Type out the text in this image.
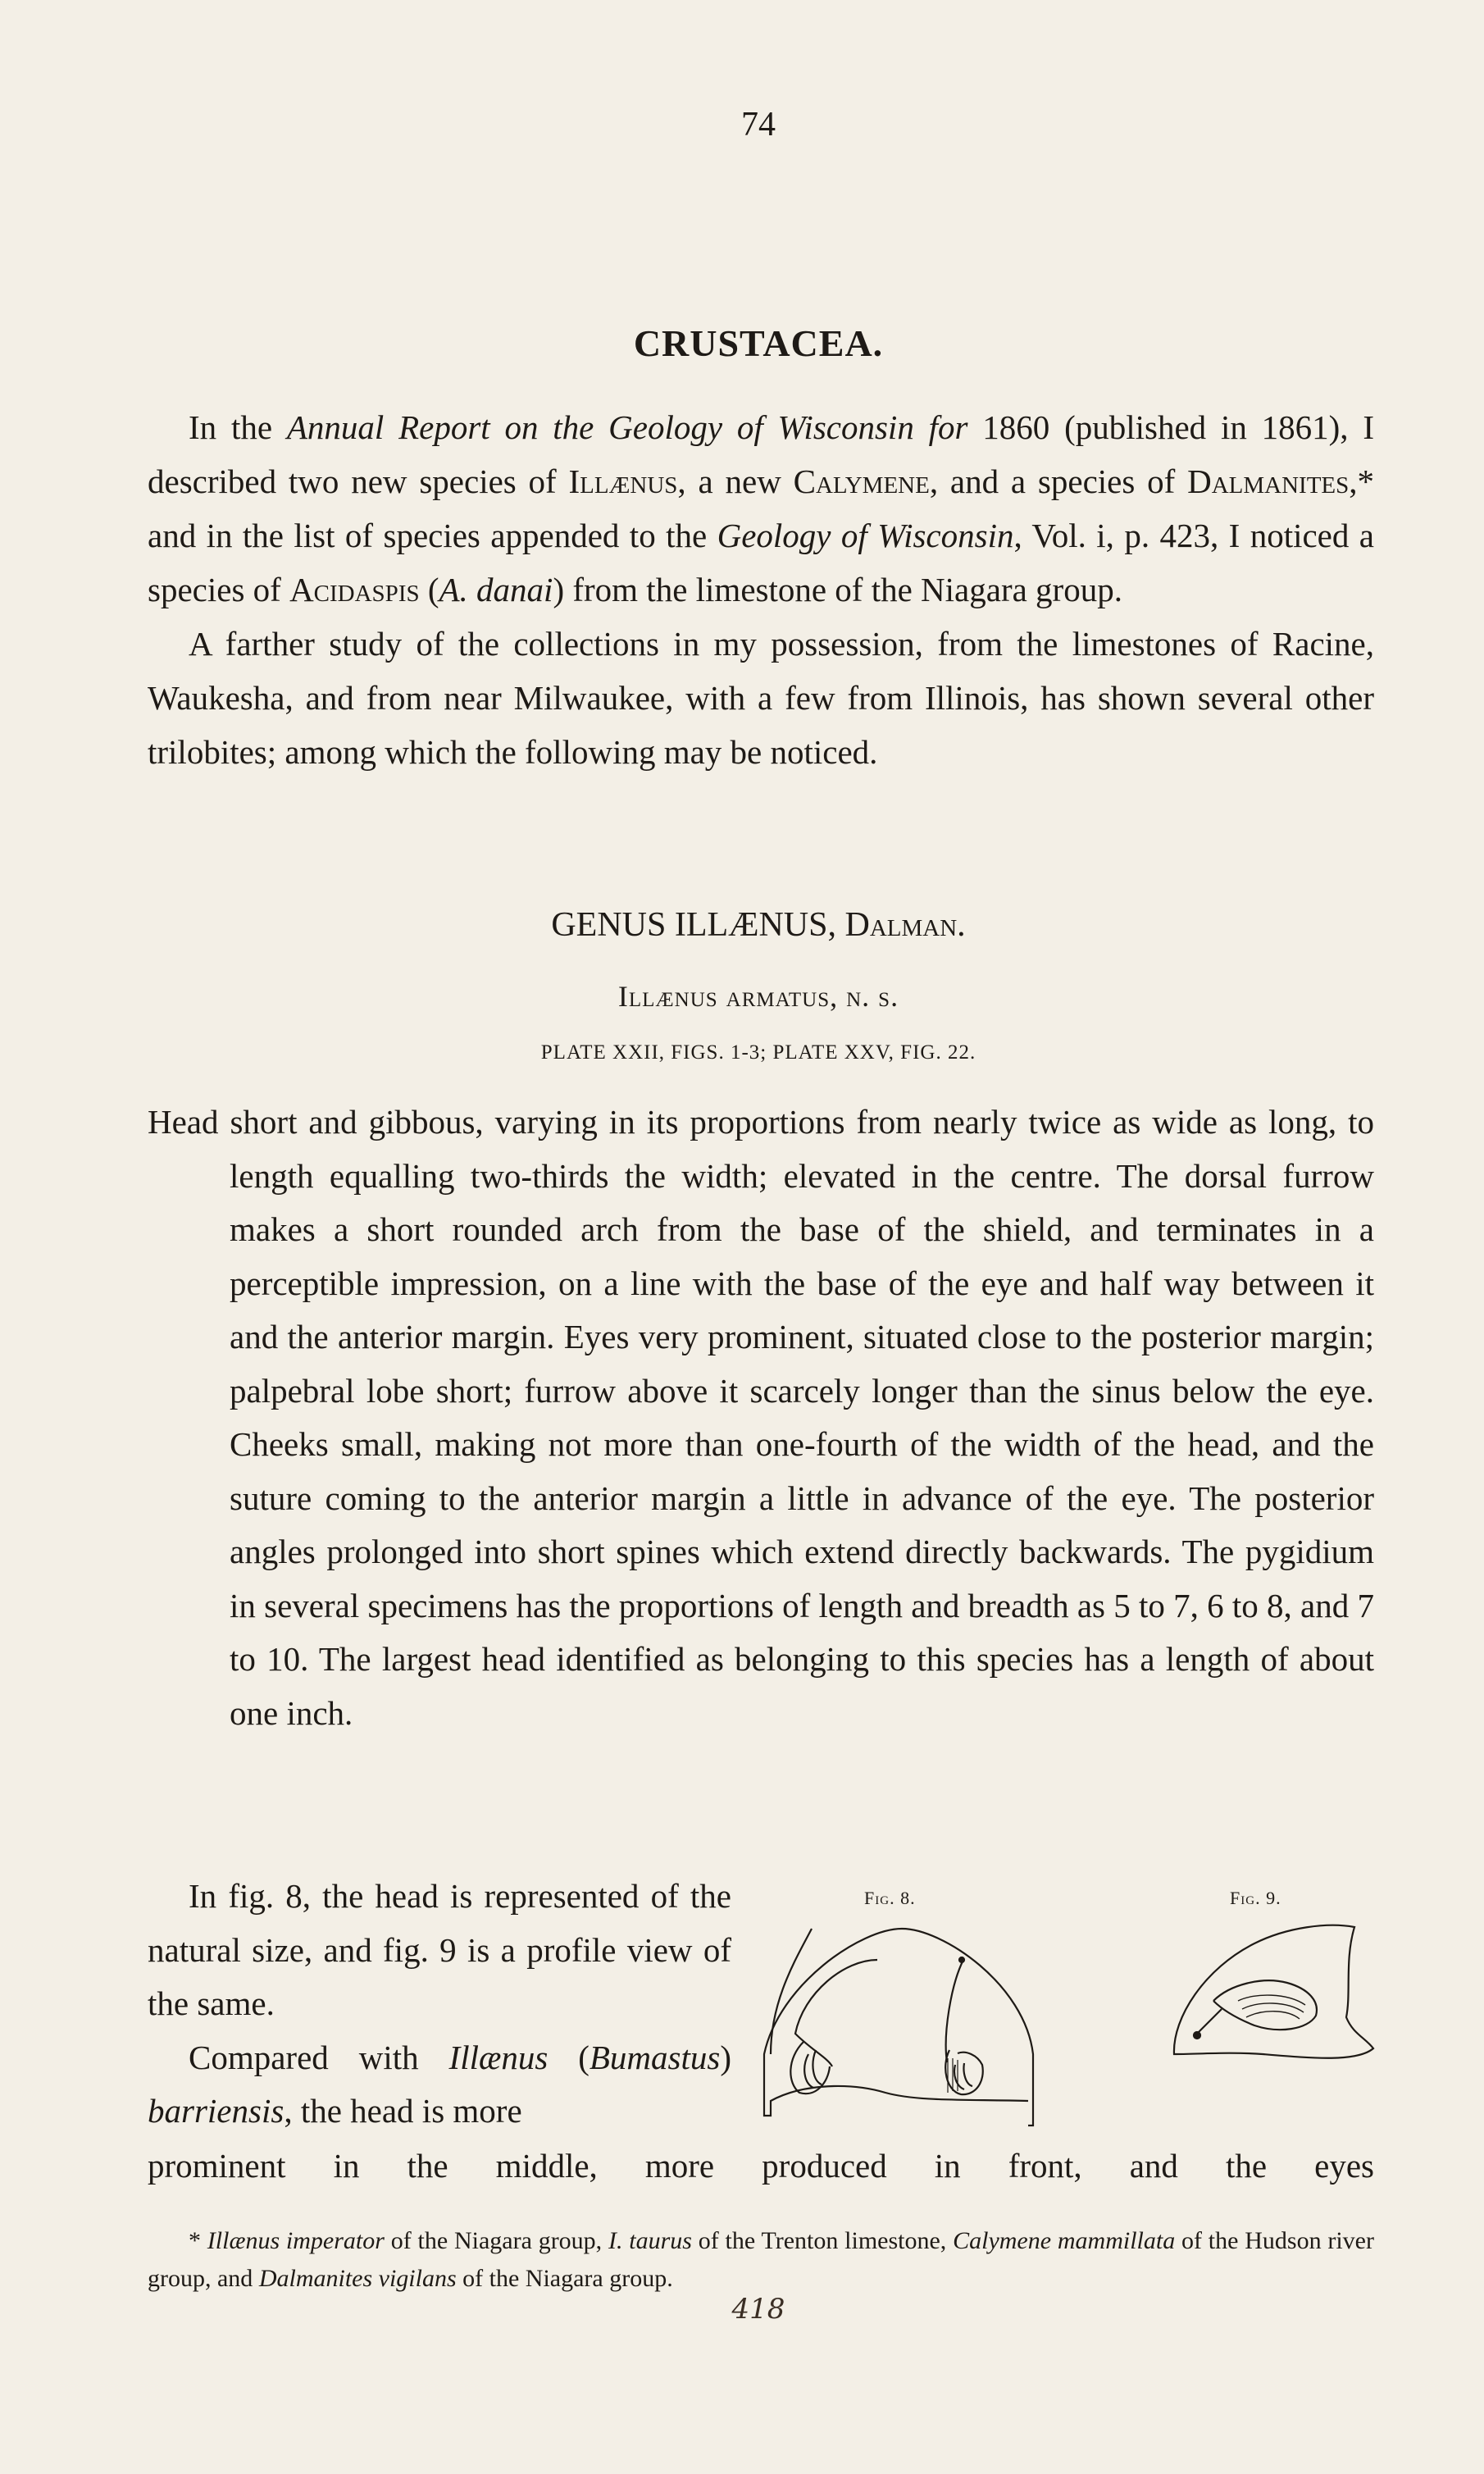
74
CRUSTACEA.

In the Annual Report on the Geology of Wisconsin for 1860 (published in 1861), I described two new species of Illænus, a new Calymene, and a species of Dalmanites,* and in the list of species appended to the Geology of Wisconsin, Vol. i, p. 423, I noticed a species of Acidaspis (A. danai) from the limestone of the Niagara group.

A farther study of the collections in my possession, from the limestones of Racine, Waukesha, and from near Milwaukee, with a few from Illinois, has shown several other trilobites; among which the following may be noticed.

GENUS ILLÆNUS, Dalman.
Illænus armatus, n. s.
PLATE XXII, FIGS. 1-3; PLATE XXV, FIG. 22.
Head short and gibbous, varying in its proportions from nearly twice as wide as long, to length equalling two-thirds the width; elevated in the centre. The dorsal furrow makes a short rounded arch from the base of the shield, and terminates in a perceptible impression, on a line with the base of the eye and half way between it and the anterior margin. Eyes very prominent, situated close to the posterior margin; palpebral lobe short; furrow above it scarcely longer than the sinus below the eye. Cheeks small, making not more than one-fourth of the width of the head, and the suture coming to the anterior margin a little in advance of the eye. The posterior angles prolonged into short spines which extend directly backwards. The pygidium in several specimens has the proportions of length and breadth as 5 to 7, 6 to 8, and 7 to 10. The largest head identified as belonging to this species has a length of about one inch.

In fig. 8, the head is represented of the natural size, and fig. 9 is a profile view of the same.

Compared with Illænus (Bumastus) barriensis, the head is more

prominent in the middle, more produced in front, and the eyes
Fig. 8.	Fig. 9.

* Illænus imperator of the Niagara group, I. taurus of the Trenton limestone, Calymene mammillata of the Hudson river group, and Dalmanites vigilans of the Niagara group.

418
